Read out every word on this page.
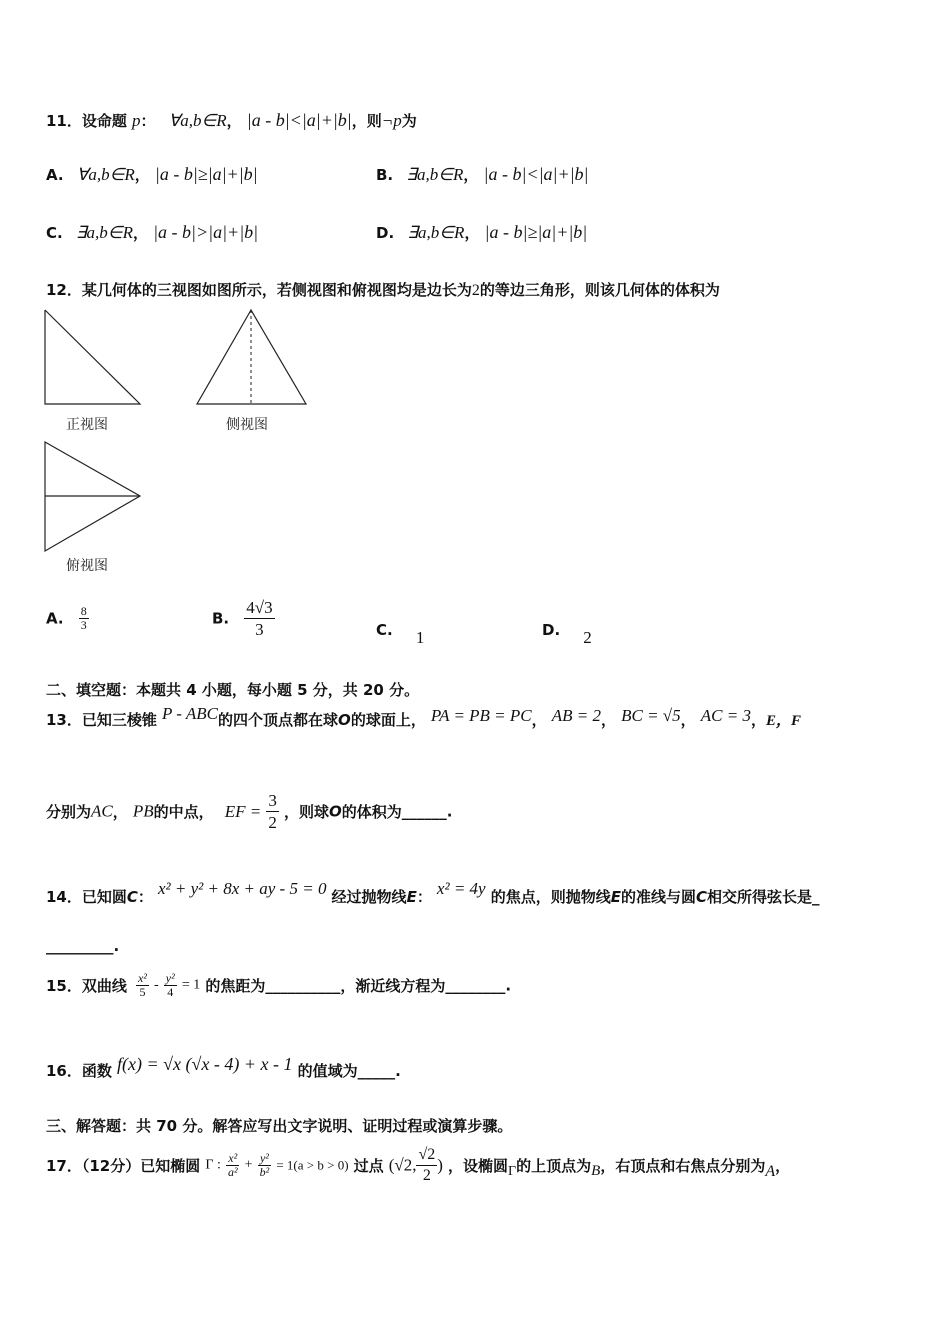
11．设命题 p： ∀a,b∈R， |a - b|<|a|+|b|，则¬p为
A. ∀a,b∈R， |a - b|≥|a|+|b|	B. ∃a,b∈R， |a - b|<|a|+|b|
C. ∃a,b∈R， |a - b|>|a|+|b|	D. ∃a,b∈R， |a - b|≥|a|+|b|
12．某几何体的三视图如图所示，若侧视图和俯视图均是边长为2的等边三角形，则该几何体的体积为
正视图	侧视图
俯视图
A. $\frac{8}{3}$	B. $\frac{4√3}{3}$	C. 1	D. 2
二、填空题：本题共 4 小题，每小题 5 分，共 20 分。
13．已知三棱锥 P - ABC的四个顶点都在球O的球面上， PA = PB = PC， AB = 2， BC = √5， AC = 3，E，F
分别为AC， PB的中点， EF = $\frac{3}{2}$ ，则球O的体积为______.
14．已知圆C： x² + y² + 8x + ay - 5 = 0 经过抛物线E： x² = 4y 的焦点，则抛物线E的准线与圆C相交所得弦长是_
_________.
15．双曲线 $\frac{\text{x²}}{5} - \frac{\text{y²}}{4} = 1$ 的焦距为__________，渐近线方程为________.
16．函数 f(x) = √x (√x - 4) + x - 1 的值域为_____.
三、解答题：共 70 分。解答应写出文字说明、证明过程或演算步骤。
17．（12分）已知椭圆 Γ : $\frac{\text{x²}}{\text{a²}} + \frac{\text{y²}}{\text{b²}} = 1(a > b > 0)$ 过点 (√2, $\frac{√2}{2}$ ) ，设椭圆Γ的上顶点为B，右顶点和右焦点分别为A，
